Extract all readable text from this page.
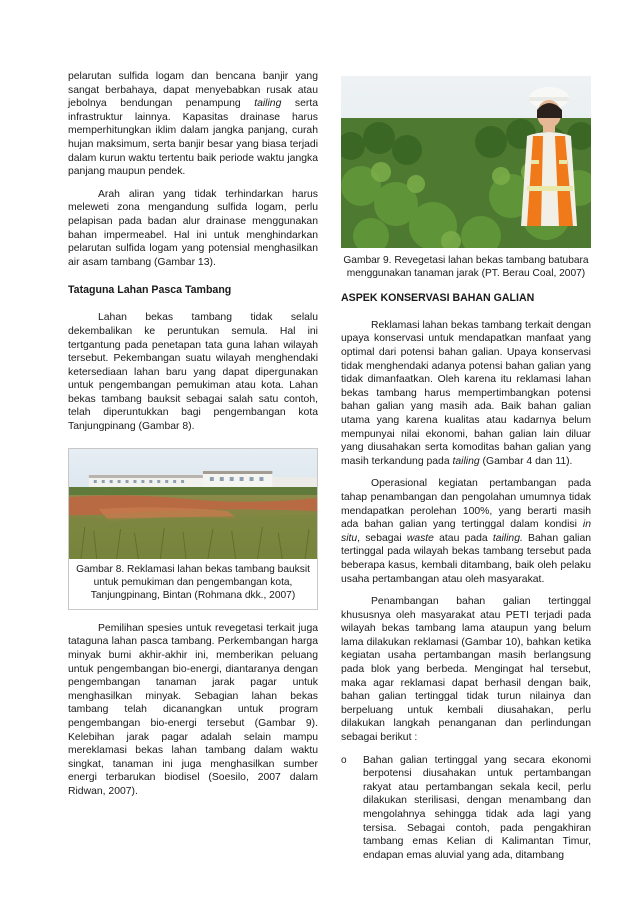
pelarutan sulfida logam dan bencana banjir yang sangat berbahaya, dapat menyebabkan rusak atau jebolnya bendungan penampung tailing serta infrastruktur lainnya. Kapasitas drainase harus memperhitungkan iklim dalam jangka panjang, curah hujan maksimum, serta banjir besar yang biasa terjadi dalam kurun waktu tertentu baik periode waktu jangka panjang maupun pendek.

Arah aliran yang tidak terhindarkan harus meleweti zona mengandung sulfida logam, perlu pelapisan pada badan alur drainase menggunakan bahan impermeabel. Hal ini untuk menghindarkan pelarutan sulfida logam yang potensial menghasilkan air asam tambang (Gambar 13).

Tataguna Lahan Pasca Tambang

Lahan bekas tambang tidak selalu dekembalikan ke peruntukan semula. Hal ini tertgantung pada penetapan tata guna lahan wilayah tersebut. Pekembangan suatu wilayah menghendaki ketersediaan lahan baru yang dapat dipergunakan untuk pengembangan pemukiman atau kota. Lahan bekas tambang bauksit sebagai salah satu contoh, telah diperuntukkan bagi pengembangan kota Tanjungpinang (Gambar 8).

Gambar 8. Reklamasi lahan bekas tambang bauksit untuk pemukiman dan pengembangan kota, Tanjungpinang, Bintan (Rohmana dkk., 2007)

Pemilihan spesies untuk revegetasi terkait juga tataguna lahan pasca tambang. Perkembangan harga minyak bumi akhir-akhir ini, memberikan peluang untuk pengembangan bio-energi, diantaranya dengan pengembangan tanaman jarak pagar untuk menghasilkan minyak. Sebagian lahan bekas tambang telah dicanangkan untuk program pengembangan bio-energi tersebut (Gambar 9). Kelebihan jarak pagar adalah selain mampu mereklamasi bekas lahan tambang dalam waktu singkat, tanaman ini juga menghasilkan sumber energi terbarukan biodisel (Soesilo, 2007 dalam Ridwan, 2007).

Gambar 9. Revegetasi lahan bekas tambang batubara menggunakan tanaman jarak (PT. Berau Coal, 2007)
ASPEK KONSERVASI BAHAN GALIAN

Reklamasi lahan bekas tambang terkait dengan upaya konservasi untuk mendapatkan manfaat yang optimal dari potensi bahan galian. Upaya konservasi tidak menghendaki adanya potensi bahan galian yang tidak dimanfaatkan. Oleh karena itu reklamasi lahan bekas tambang harus mempertimbangkan potensi bahan galian yang masih ada. Baik bahan galian utama yang karena kualitas atau kadarnya belum mempunyai nilai ekonomi, bahan galian lain diluar yang diusahakan serta komoditas bahan galian yang masih terkandung pada tailing (Gambar 4 dan 11).

Operasional kegiatan pertambangan pada tahap penambangan dan pengolahan umumnya tidak mendapatkan perolehan 100%, yang berarti masih ada bahan galian yang tertinggal dalam kondisi in situ, sebagai waste atau pada tailing. Bahan galian tertinggal pada wilayah bekas tambang tersebut pada beberapa kasus, kembali ditambang, baik oleh pelaku usaha pertambangan atau oleh masyarakat.

Penambangan bahan galian tertinggal khususnya oleh masyarakat atau PETI terjadi pada wilayah bekas tambang lama ataupun yang belum lama dilakukan reklamasi (Gambar 10), bahkan ketika kegiatan usaha pertambangan masih berlangsung pada blok yang berbeda. Mengingat hal tersebut, maka agar reklamasi dapat berhasil dengan baik, bahan galian tertinggal tidak turun nilainya dan berpeluang untuk kembali diusahakan, perlu dilakukan langkah penanganan dan perlindungan sebagai berikut :

o Bahan galian tertinggal yang secara ekonomi berpotensi diusahakan untuk pertambangan rakyat atau pertambangan sekala kecil, perlu dilakukan sterilisasi, dengan menambang dan mengolahnya sehingga tidak ada lagi yang tersisa. Sebagai contoh, pada pengakhiran tambang emas Kelian di Kalimantan Timur, endapan emas aluvial yang ada, ditambang
